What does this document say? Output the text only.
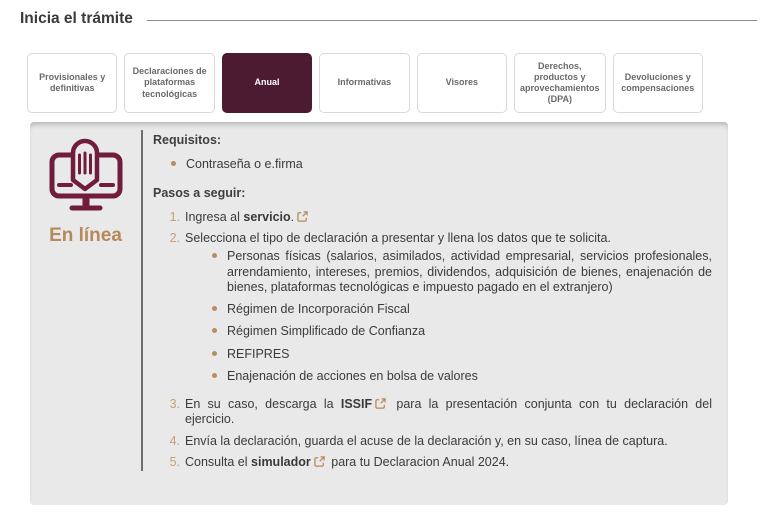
Inicia el trámite
Provisionales y definitivas
Declaraciones de plataformas tecnológicas
Anual	Informativas	Visores
Derechos, productos y aprovechamientos (DPA)
Devoluciones y compensaciones
En línea
Requisitos:
Contraseña o e.firma
Pasos a seguir:
1. Ingresa al servicio.
2. Selecciona el tipo de declaración a presentar y llena los datos que te solicita.
Personas físicas (salarios, asimilados, actividad empresarial, servicios profesionales, arrendamiento, intereses, premios, dividendos, adquisición de bienes, enajenación de bienes, plataformas tecnológicas e impuesto pagado en el extranjero)
Régimen de Incorporación Fiscal
Régimen Simplificado de Confianza
REFIPRES
Enajenación de acciones en bolsa de valores
3. En su caso, descarga la ISSIF
para la presentación conjunta con tu declaración del ejercicio.
4. Envía la declaración, guarda el acuse de la declaración y, en su caso, línea de captura.
5. Consulta el simulador
para tu Declaracion Anual 2024.
